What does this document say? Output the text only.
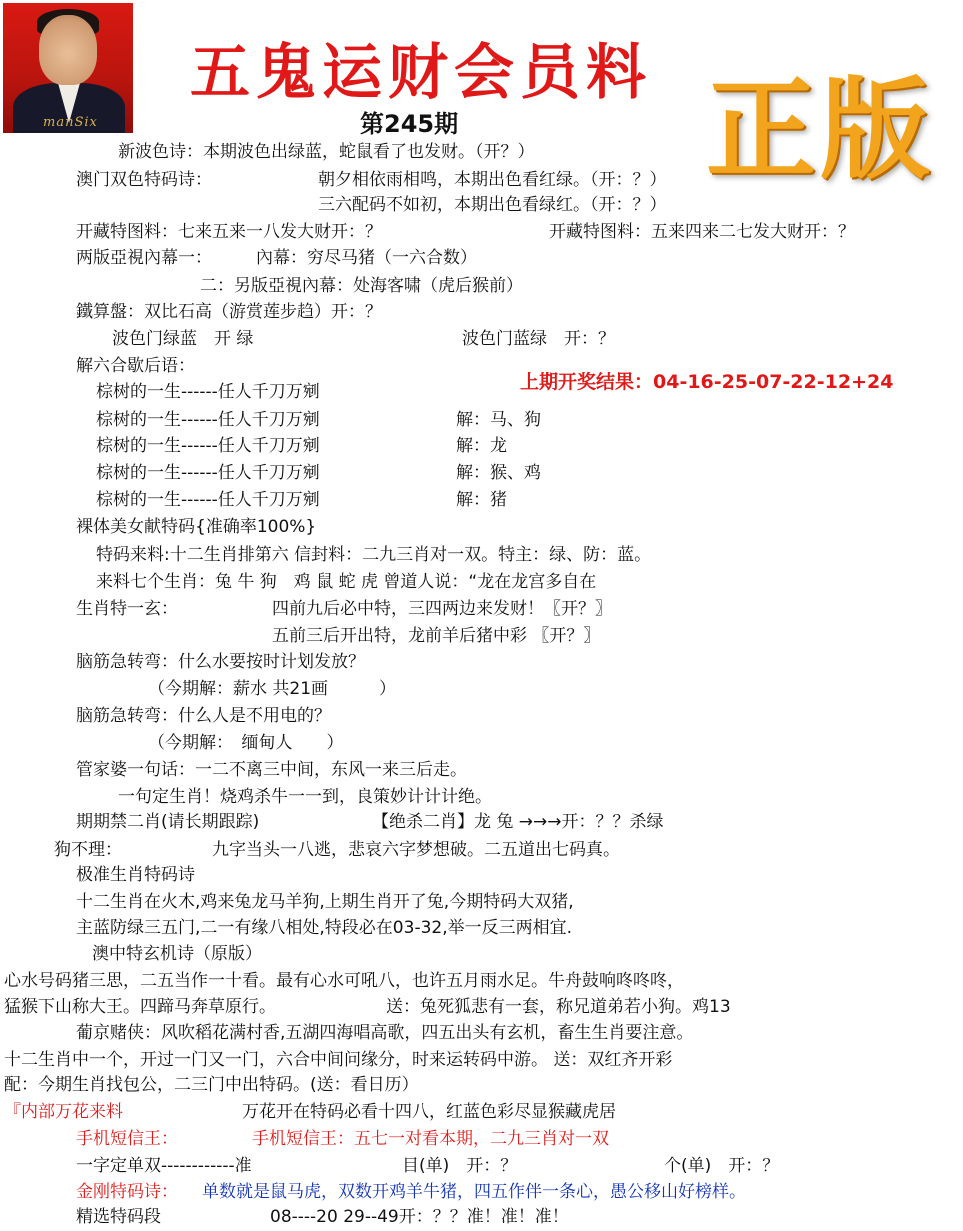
manSix
五鬼运财会员料
第245期 正版
新波色诗：本期波色出绿蓝，蛇鼠看了也发财。（开？）
澳门双色特码诗：	朝夕相依雨相鸣，本期出色看红绿。（开：？）
三六配码不如初，本期出色看绿红。（开：？）
开藏特图料：七来五来一八发大财开：？	开藏特图料：五来四来二七发大财开：？
两版亞視內幕一：	內幕：穷尽马猪（一六合数）
二：另版亞視內幕：处海客啸（虎后猴前）
鐵算盤：双比石高（游赏莲步趋）开：？
波色门绿蓝　开 绿	波色门蓝绿　开：？
解六合歇后语：
棕树的一生------任人千刀万剜	上期开奖结果：04-16-25-07-22-12+24
棕树的一生------任人千刀万剜	解：马、狗
棕树的一生------任人千刀万剜	解：龙
棕树的一生------任人千刀万剜	解：猴、鸡
棕树的一生------任人千刀万剜	解：猪
裸体美女献特码{准确率100%}
特码来料:十二生肖排第六 信封料：二九三肖对一双。特主：绿、防：蓝。
来料七个生肖：兔 牛 狗　鸡 鼠 蛇 虎 曾道人说：“龙在龙宫多自在
生肖特一玄：	四前九后必中特，三四两边来发财！〖开？〗
五前三后开出特，龙前羊后猪中彩 〖开？〗
脑筋急转弯：什么水要按时计划发放？
（今期解：薪水 共21画　　　）
脑筋急转弯：什么人是不用电的？
（今期解：　缅甸人　　）
管家婆一句话：一二不离三中间，东风一来三后走。
一句定生肖！烧鸡杀牛一一到，良策妙计计计绝。
期期禁二肖(请长期跟踪)	【绝杀二肖】龙 兔 →→→开：？？杀绿
狗不理：	九字当头一八逃，悲哀六字梦想破。二五道出七码真。
极准生肖特码诗
十二生肖在火木,鸡来兔龙马羊狗,上期生肖开了兔,今期特码大双猪,
主蓝防绿三五门,二一有缘八相处,特段必在03-32,举一反三两相宜.
澳中特玄机诗（原版）
心水号码猪三思，二五当作一十看。最有心水可吼八，也许五月雨水足。牛舟鼓响咚咚咚，
猛猴下山称大王。四蹄马奔草原行。	送：兔死狐悲有一套，称兄道弟若小狗。鸡13
葡京赌侠：风吹稻花满村香,五湖四海唱高歌，四五出头有玄机，畜生生肖要注意。
十二生肖中一个，开过一门又一门，六合中间问缘分，时来运转码中游。 送：双红齐开彩
配：今期生肖找包公，二三门中出特码。(送：看日历）
『内部万花来料	万花开在特码必看十四八，红蓝色彩尽显猴藏虎居
手机短信王：	手机短信王：五七一对看本期，二九三肖对一双
一字定单双------------准	目(单)　开：？	个(单)　开：？
金刚特码诗： 单数就是鼠马虎，双数开鸡羊牛猪，四五作伴一条心，愚公移山好榜样。
精选特码段	08----20 29--49开：？？准！准！准！
